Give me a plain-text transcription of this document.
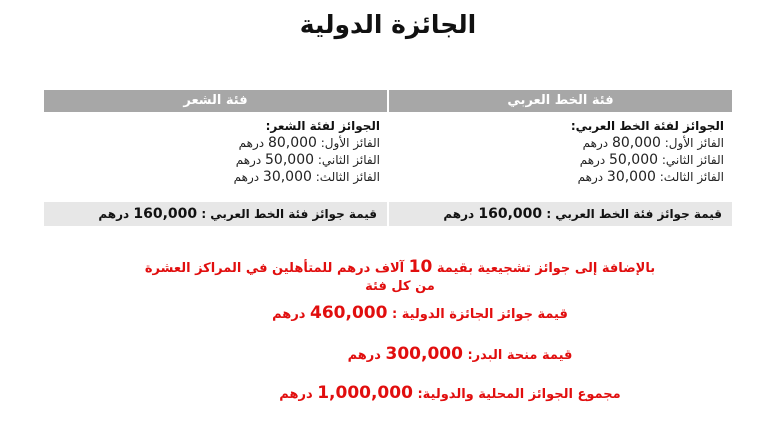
الجائزة الدولية
فئة الخط العربي
فئة الشعر
الجوائز لفئة الخط العربي:
الفائز الأول: 80,000 درهم
الفائز الثاني: 50,000 درهم
الفائز الثالث: 30,000 درهم
الجوائز لفئة الشعر:
الفائز الأول: 80,000 درهم
الفائز الثاني: 50,000 درهم
الفائز الثالث: 30,000 درهم
قيمة جوائز فئة الخط العربي : 160,000 درهم
قيمة جوائز فئة الخط العربي : 160,000 درهم
بالإضافة إلى جوائز تشجيعية بقيمة 10 آلاف درهم للمتأهلين في المراكز العشرة
من كل فئة
قيمة جوائز الجائزة الدولية : 460,000 درهم
قيمة منحة البدر: 300,000 درهم
مجموع الجوائز المحلية والدولية: 1,000,000 درهم
